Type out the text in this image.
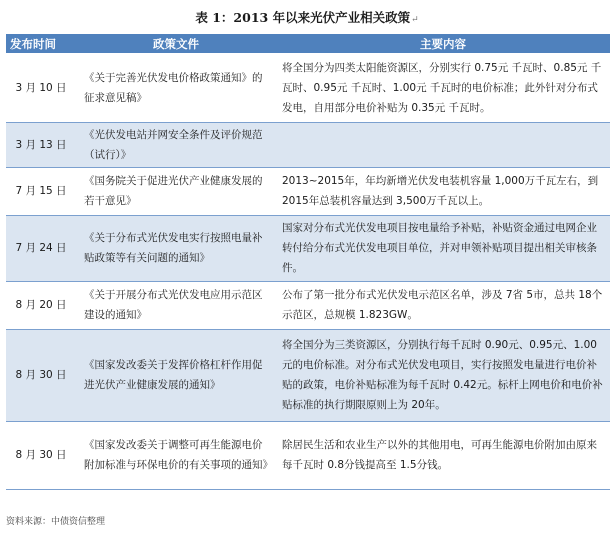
表 1：2013 年以来光伏产业相关政策↵
发布时间	政策文件	主要内容
3 月 10 日	《关于完善光伏发电价格政策通知》的征求意见稿》	将全国分为四类太阳能资源区，分别实行 0.75元 千瓦时、0.85元 千瓦时、0.95元 千瓦时、1.00元 千瓦时的电价标准；此外针对分布式发电，自用部分电价补贴为 0.35元 千瓦时。
3 月 13 日	《光伏发电站并网安全条件及评价规范（试行）》	
7 月 15 日	《国务院关于促进光伏产业健康发展的若干意见》	2013~2015年，年均新增光伏发电装机容量 1,000万千瓦左右，到 2015年总装机容量达到 3,500万千瓦以上。
7 月 24 日	《关于分布式光伏发电实行按照电量补贴政策等有关问题的通知》	国家对分布式光伏发电项目按电量给予补贴，补贴资金通过电网企业转付给分布式光伏发电项目单位，并对申领补贴项目提出相关审核条件。
8 月 20 日	《关于开展分布式光伏发电应用示范区建设的通知》	公布了第一批分布式光伏发电示范区名单，涉及 7省 5市，总共 18个示范区，总规模 1.823GW。
8 月 30 日	《国家发改委关于发挥价格杠杆作用促进光伏产业健康发展的通知》	将全国分为三类资源区，分别执行每千瓦时 0.90元、0.95元、1.00元的电价标准。对分布式光伏发电项目，实行按照发电量进行电价补贴的政策，电价补贴标准为每千瓦时 0.42元。标杆上网电价和电价补贴标准的执行期限原则上为 20年。
8 月 30 日	《国家发改委关于调整可再生能源电价附加标准与环保电价的有关事项的通知》	除居民生活和农业生产以外的其他用电，可再生能源电价附加由原来每千瓦时 0.8分钱提高至 1.5分钱。
资料来源：中债资信整理
